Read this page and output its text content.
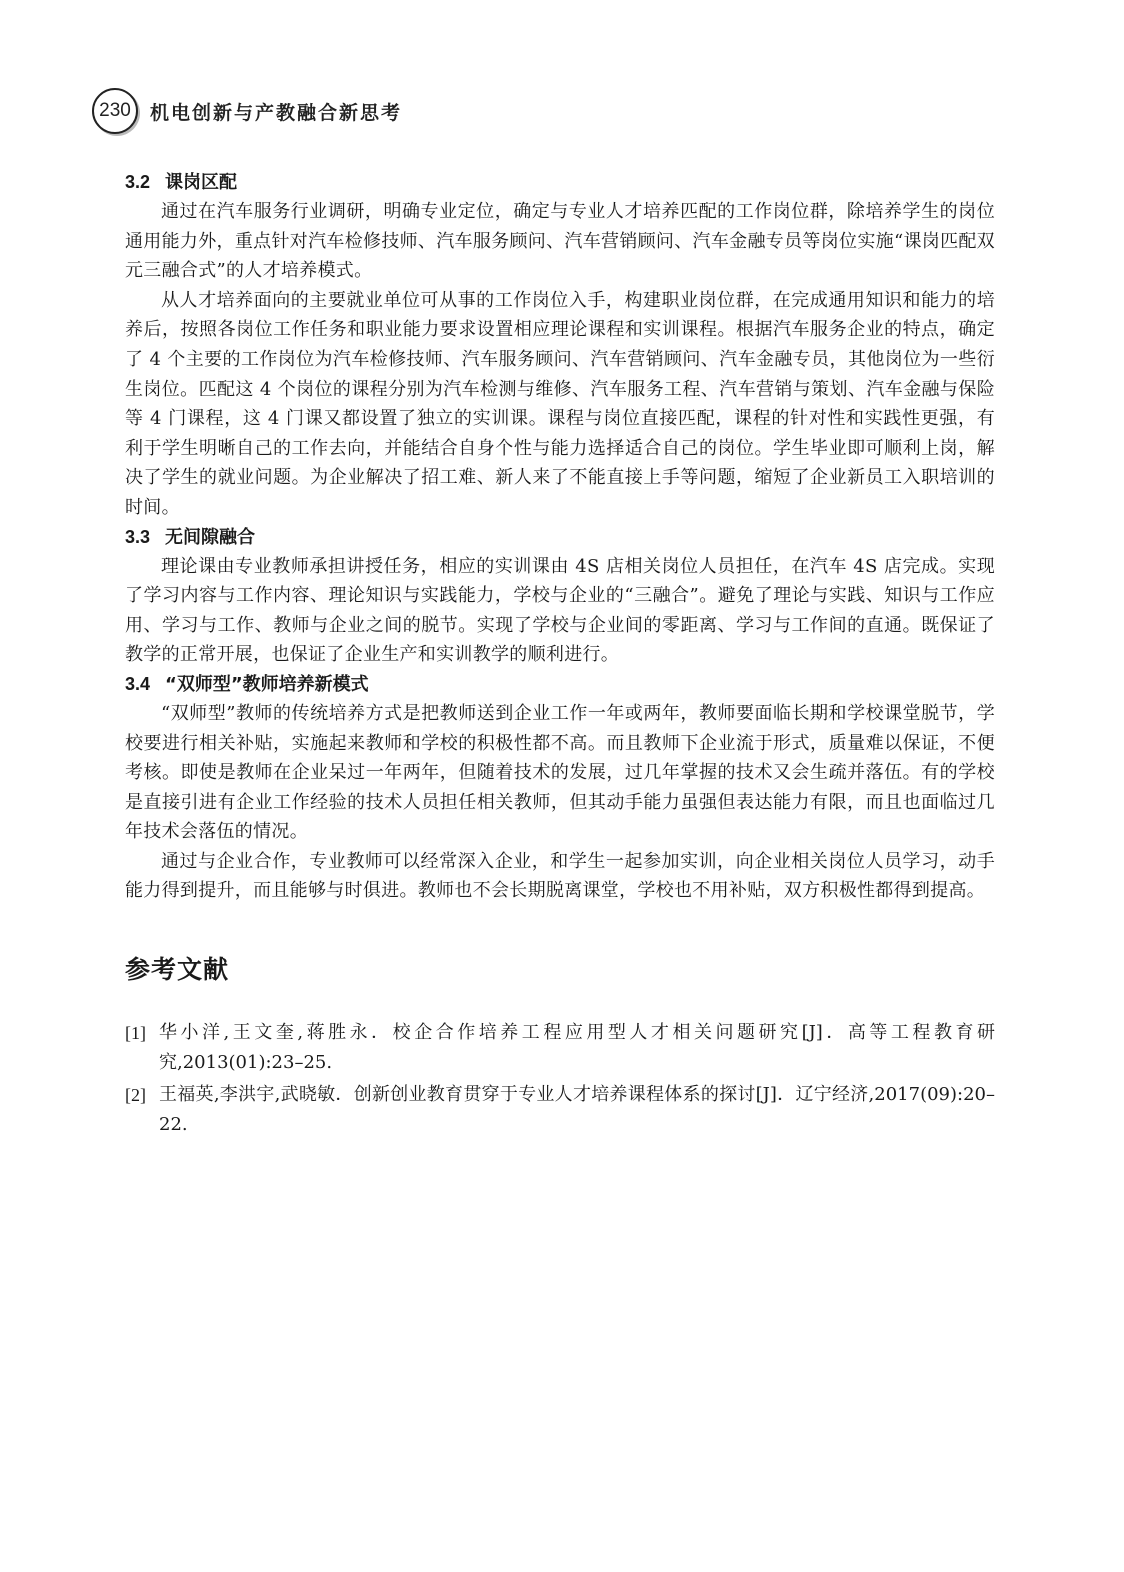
230	机电创新与产教融合新思考
3.2 课岗区配

通过在汽车服务行业调研，明确专业定位，确定与专业人才培养匹配的工作岗位群，除培养学生的岗位通用能力外，重点针对汽车检修技师、汽车服务顾问、汽车营销顾问、汽车金融专员等岗位实施“课岗匹配双元三融合式”的人才培养模式。

从人才培养面向的主要就业单位可从事的工作岗位入手，构建职业岗位群，在完成通用知识和能力的培养后，按照各岗位工作任务和职业能力要求设置相应理论课程和实训课程。根据汽车服务企业的特点，确定了 4 个主要的工作岗位为汽车检修技师、汽车服务顾问、汽车营销顾问、汽车金融专员，其他岗位为一些衍生岗位。匹配这 4 个岗位的课程分别为汽车检测与维修、汽车服务工程、汽车营销与策划、汽车金融与保险等 4 门课程，这 4 门课又都设置了独立的实训课。课程与岗位直接匹配，课程的针对性和实践性更强，有利于学生明晰自己的工作去向，并能结合自身个性与能力选择适合自己的岗位。学生毕业即可顺利上岗，解决了学生的就业问题。为企业解决了招工难、新人来了不能直接上手等问题，缩短了企业新员工入职培训的时间。

3.3 无间隙融合

理论课由专业教师承担讲授任务，相应的实训课由 4S 店相关岗位人员担任，在汽车 4S 店完成。实现了学习内容与工作内容、理论知识与实践能力，学校与企业的“三融合”。避免了理论与实践、知识与工作应用、学习与工作、教师与企业之间的脱节。实现了学校与企业间的零距离、学习与工作间的直通。既保证了教学的正常开展，也保证了企业生产和实训教学的顺利进行。

3.4 “双师型”教师培养新模式

“双师型”教师的传统培养方式是把教师送到企业工作一年或两年，教师要面临长期和学校课堂脱节，学校要进行相关补贴，实施起来教师和学校的积极性都不高。而且教师下企业流于形式，质量难以保证，不便考核。即使是教师在企业呆过一年两年，但随着技术的发展，过几年掌握的技术又会生疏并落伍。有的学校是直接引进有企业工作经验的技术人员担任相关教师，但其动手能力虽强但表达能力有限，而且也面临过几年技术会落伍的情况。

通过与企业合作，专业教师可以经常深入企业，和学生一起参加实训，向企业相关岗位人员学习，动手能力得到提升，而且能够与时俱进。教师也不会长期脱离课堂，学校也不用补贴，双方积极性都得到提高。

参考文献
[1] 华小洋,王文奎,蒋胜永．校企合作培养工程应用型人才相关问题研究[J]．高等工程教育研究,2013(01):23–25.
[2] 王福英,李洪宇,武晓敏．创新创业教育贯穿于专业人才培养课程体系的探讨[J]．辽宁经济,2017(09):20–22.
